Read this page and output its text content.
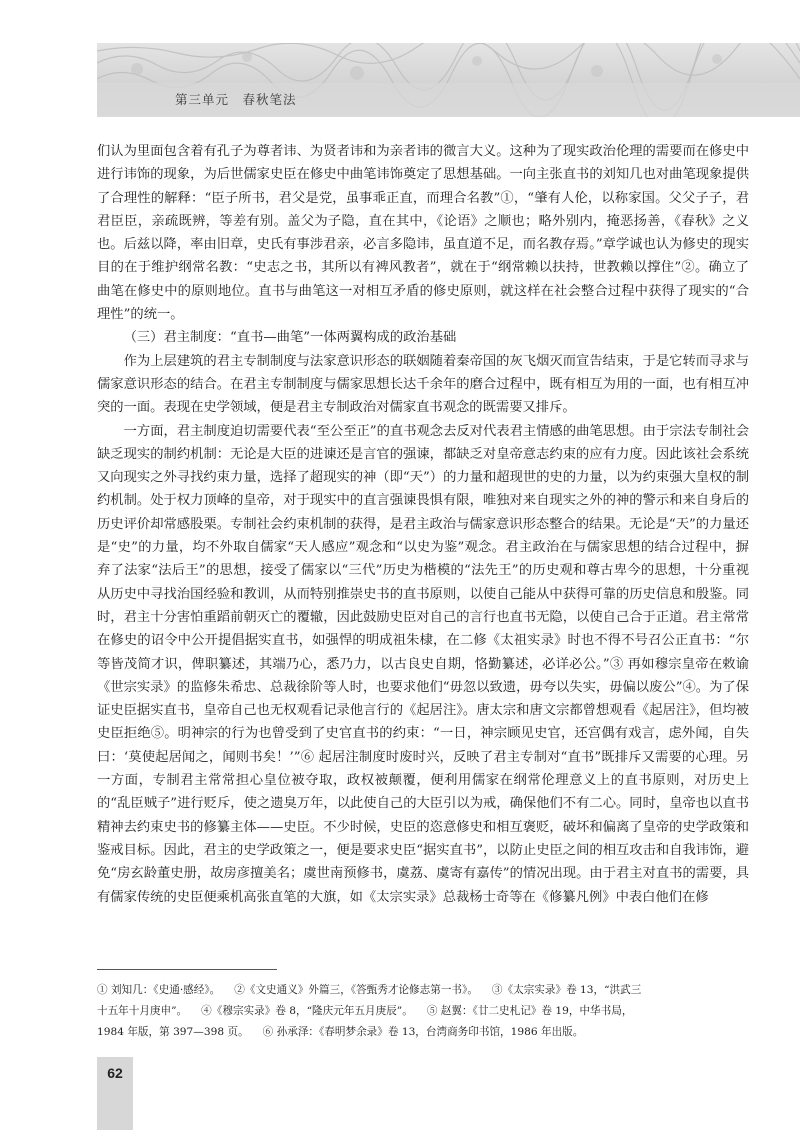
第三单元　春秋笔法

们认为里面包含着有孔子为尊者讳、为贤者讳和为亲者讳的微言大义。这种为了现实政治伦理的需要而在修史中进行讳饰的现象，为后世儒家史臣在修史中曲笔讳饰奠定了思想基础。一向主张直书的刘知几也对曲笔现象提供了合理性的解释：“臣子所书，君父是党，虽事乖正直，而理合名教”①，“肇有人伦，以称家国。父父子子，君君臣臣，亲疏既辨，等差有别。盖父为子隐，直在其中，《论语》之顺也；略外别内，掩恶扬善，《春秋》之义也。后兹以降，率由旧章，史氏有事涉君亲，必言多隐讳，虽直道不足，而名教存焉。”章学诚也认为修史的现实目的在于维护纲常名教：“史志之书，其所以有裨风教者”，就在于“纲常赖以扶持，世教赖以撑住”②。确立了曲笔在修史中的原则地位。直书与曲笔这一对相互矛盾的修史原则，就这样在社会整合过程中获得了现实的“合理性”的统一。

（三）君主制度：“直书—曲笔”一体两翼构成的政治基础

作为上层建筑的君主专制制度与法家意识形态的联姻随着秦帝国的灰飞烟灭而宣告结束，于是它转而寻求与儒家意识形态的结合。在君主专制制度与儒家思想长达千余年的磨合过程中，既有相互为用的一面，也有相互冲突的一面。表现在史学领域，便是君主专制政治对儒家直书观念的既需要又排斥。

一方面，君主制度迫切需要代表“至公至正”的直书观念去反对代表君主情感的曲笔思想。由于宗法专制社会缺乏现实的制约机制：无论是大臣的进谏还是言官的强谏，都缺乏对皇帝意志约束的应有力度。因此该社会系统又向现实之外寻找约束力量，选择了超现实的神（即“天”）的力量和超现世的史的力量，以为约束强大皇权的制约机制。处于权力顶峰的皇帝，对于现实中的直言强谏畏惧有限，唯独对来自现实之外的神的警示和来自身后的历史评价却常感股栗。专制社会约束机制的获得，是君主政治与儒家意识形态整合的结果。无论是“天”的力量还是“史”的力量，均不外取自儒家“天人感应”观念和“以史为鉴”观念。君主政治在与儒家思想的结合过程中，摒弃了法家“法后王”的思想，接受了儒家以“三代”历史为楷模的“法先王”的历史观和尊古卑今的思想，十分重视从历史中寻找治国经验和教训，从而特别推崇史书的直书原则，以使自己能从中获得可靠的历史信息和殷鉴。同时，君主十分害怕重蹈前朝灭亡的覆辙，因此鼓励史臣对自己的言行也直书无隐，以使自己合于正道。君主常常在修史的诏令中公开提倡据实直书，如强悍的明成祖朱棣，在二修《太祖实录》时也不得不号召公正直书：“尔等皆茂简才识，俾职纂述，其端乃心，悉乃力，以古良史自期，恪勤纂述，必详必公。”③ 再如穆宗皇帝在敕谕《世宗实录》的监修朱希忠、总裁徐阶等人时，也要求他们“毋忽以致遗，毋夸以失实，毋偏以废公”④。为了保证史臣据实直书，皇帝自己也无权观看记录他言行的《起居注》。唐太宗和唐文宗都曾想观看《起居注》，但均被史臣拒绝⑤。明神宗的行为也曾受到了史官直书的约束：“一日，神宗顾见史官，还宫偶有戏言，虑外闻，自失曰：‘莫使起居闻之，闻则书矣！’”⑥ 起居注制度时废时兴，反映了君主专制对“直书”既排斥又需要的心理。另一方面，专制君主常常担心皇位被夺取，政权被颠覆，便利用儒家在纲常伦理意义上的直书原则，对历史上的“乱臣贼子”进行贬斥，使之遗臭万年，以此使自己的大臣引以为戒，确保他们不有二心。同时，皇帝也以直书精神去约束史书的修纂主体——史臣。不少时候，史臣的恣意修史和相互褒贬，破坏和偏离了皇帝的史学政策和鉴戒目标。因此，君主的史学政策之一，便是要求史臣“据实直书”，以防止史臣之间的相互攻击和自我讳饰，避免“房玄龄董史册，故房彦擅美名；虞世南预修书，虞荔、虞寄有嘉传”的情况出现。由于君主对直书的需要，具有儒家传统的史臣便乘机高张直笔的大旗，如《太宗实录》总裁杨士奇等在《修纂凡例》中表白他们在修

① 刘知几：《史通·感经》。 ②《文史通义》外篇三，《答甄秀才论修志第一书》。 ③《太宗实录》卷 13，“洪武三
十五年十月庚申”。 ④《穆宗实录》卷 8，“隆庆元年五月庚辰”。 ⑤ 赵翼：《廿二史札记》卷 19，中华书局，
1984 年版，第 397—398 页。 ⑥ 孙承泽：《春明梦余录》卷 13，台湾商务印书馆，1986 年出版。
62
